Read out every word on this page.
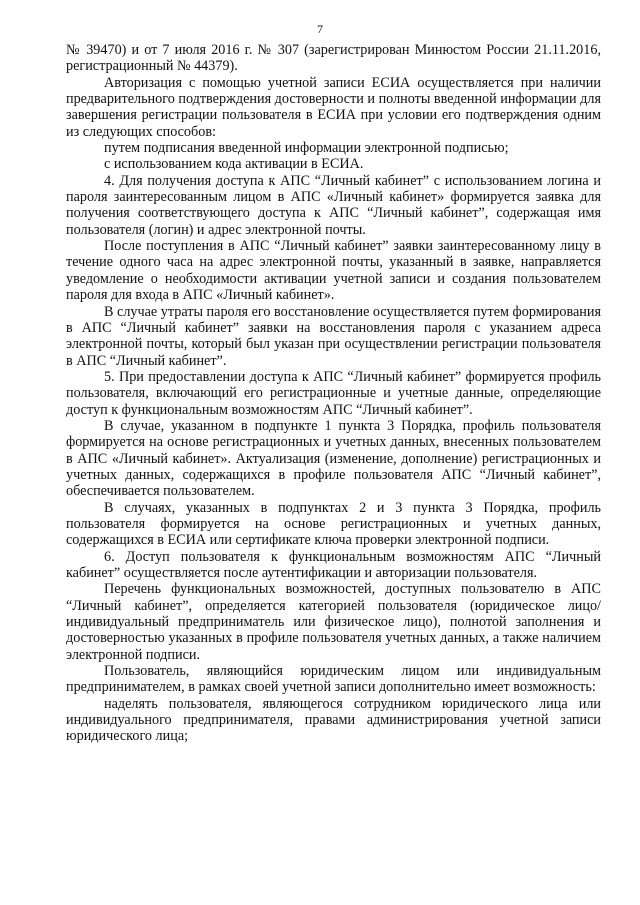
7

№ 39470) и от 7 июля 2016 г. № 307 (зарегистрирован Минюстом России 21.11.2016, регистрационный № 44379).

Авторизация с помощью учетной записи ЕСИА осуществляется при наличии предварительного подтверждения достоверности и полноты введенной информации для завершения регистрации пользователя в ЕСИА при условии его подтверждения одним из следующих способов:

путем подписания введенной информации электронной подписью;

с использованием кода активации в ЕСИА.

4. Для получения доступа к АПС “Личный кабинет” с использованием логина и пароля заинтересованным лицом в АПС «Личный кабинет» формируется заявка для получения соответствующего доступа к АПС “Личный кабинет”, содержащая имя пользователя (логин) и адрес электронной почты.

После поступления в АПС “Личный кабинет” заявки заинтересованному лицу в течение одного часа на адрес электронной почты, указанный в заявке, направляется уведомление о необходимости активации учетной записи и создания пользователем пароля для входа в АПС «Личный кабинет».

В случае утраты пароля его восстановление осуществляется путем формирования в АПС “Личный кабинет” заявки на восстановления пароля с указанием адреса электронной почты, который был указан при осуществлении регистрации пользователя в АПС “Личный кабинет”.

5. При предоставлении доступа к АПС “Личный кабинет” формируется профиль пользователя, включающий его регистрационные и учетные данные, определяющие доступ к функциональным возможностям АПС “Личный кабинет”.

В случае, указанном в подпункте 1 пункта 3 Порядка, профиль пользователя формируется на основе регистрационных и учетных данных, внесенных пользователем в АПС «Личный кабинет». Актуализация (изменение, дополнение) регистрационных и учетных данных, содержащихся в профиле пользователя АПС “Личный кабинет”, обеспечивается пользователем.

В случаях, указанных в подпунктах 2 и 3 пункта 3 Порядка, профиль пользователя формируется на основе регистрационных и учетных данных, содержащихся в ЕСИА или сертификате ключа проверки электронной подписи.

6. Доступ пользователя к функциональным возможностям АПС “Личный кабинет” осуществляется после аутентификации и авторизации пользователя.

Перечень функциональных возможностей, доступных пользователю в АПС “Личный кабинет”, определяется категорией пользователя (юридическое лицо/индивидуальный предприниматель или физическое лицо), полнотой заполнения и достоверностью указанных в профиле пользователя учетных данных, а также наличием электронной подписи.

Пользователь, являющийся юридическим лицом или индивидуальным предпринимателем, в рамках своей учетной записи дополнительно имеет возможность:

наделять пользователя, являющегося сотрудником юридического лица или индивидуального предпринимателя, правами администрирования учетной записи юридического лица;
